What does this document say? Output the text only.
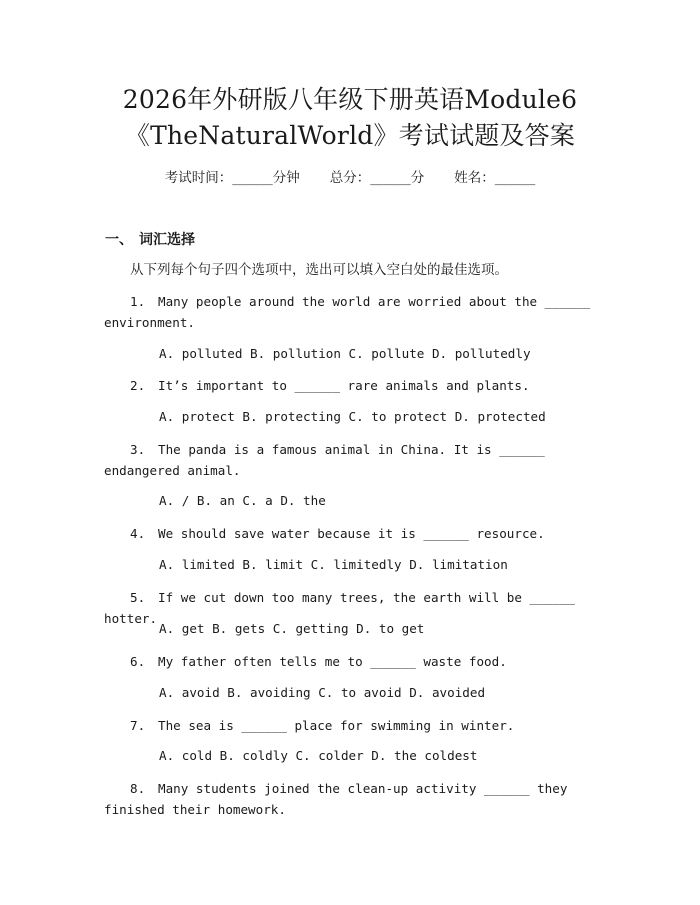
2026年外研版八年级下册英语Module6
《TheNaturalWorld》考试试题及答案
考试时间：______分钟 总分：______分 姓名：______
一、 词汇选择
从下列每个句子四个选项中，选出可以填入空白处的最佳选项。
1. Many people around the world are worried about the ______ environment.
A. polluted B. pollution C. pollute D. pollutedly
2. It’s important to ______ rare animals and plants.
A. protect B. protecting C. to protect D. protected
3. The panda is a famous animal in China. It is ______ endangered animal.
A. / B. an C. a D. the
4. We should save water because it is ______ resource.
A. limited B. limit C. limitedly D. limitation
5. If we cut down too many trees, the earth will be ______ hotter.
A. get B. gets C. getting D. to get
6. My father often tells me to ______ waste food.
A. avoid B. avoiding C. to avoid D. avoided
7. The sea is ______ place for swimming in winter.
A. cold B. coldly C. colder D. the coldest
8. Many students joined the clean-up activity ______ they finished their homework.
